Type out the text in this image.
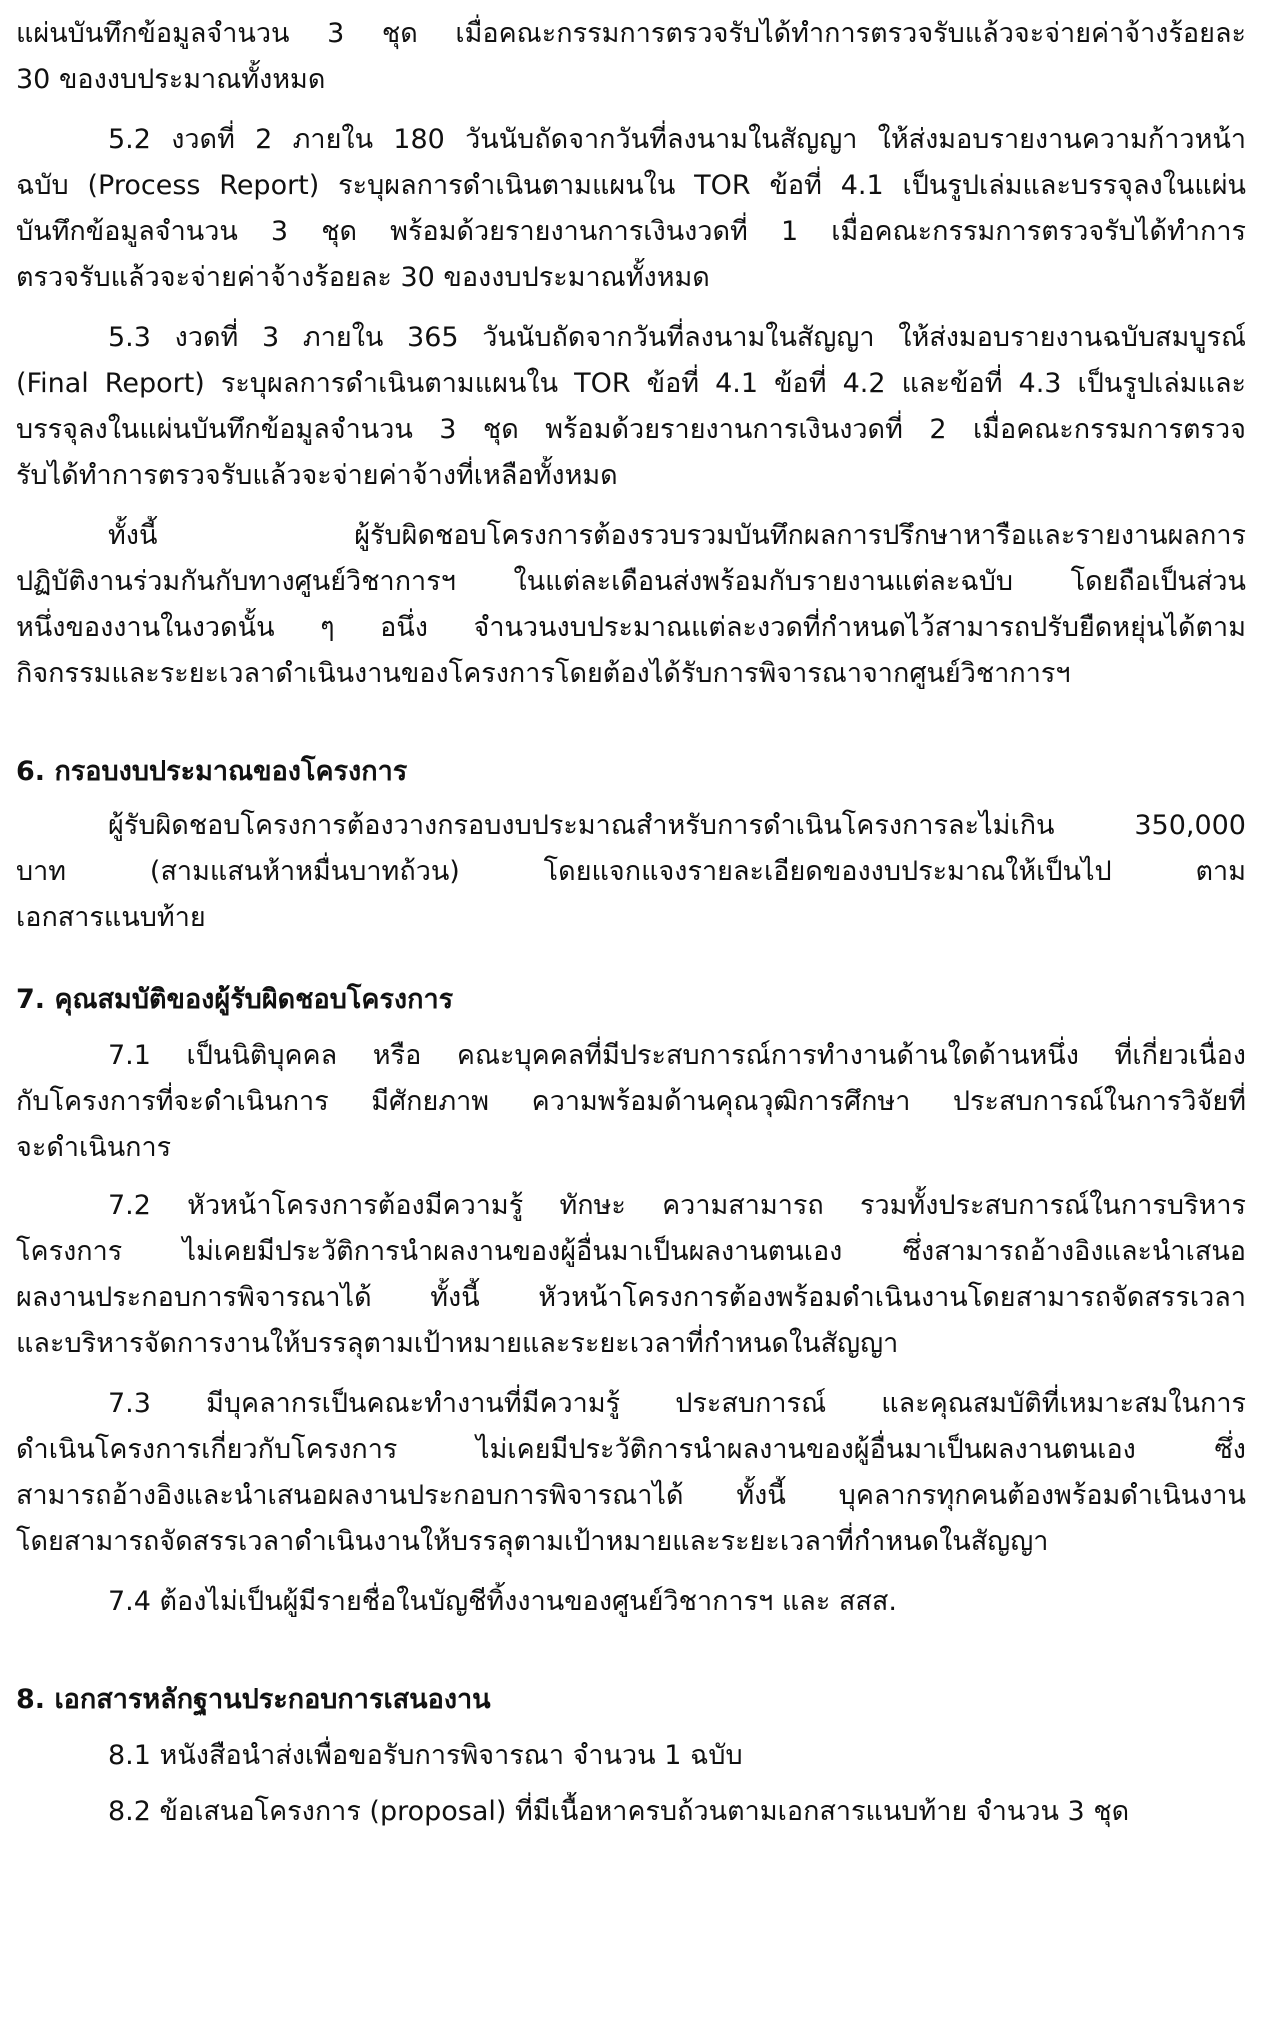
แผ่นบันทึกข้อมูลจำนวน 3 ชุด เมื่อคณะกรรมการตรวจรับได้ทำการตรวจรับแล้วจะจ่ายค่าจ้างร้อยละ
30 ของงบประมาณทั้งหมด
5.2 งวดที่ 2 ภายใน 180 วันนับถัดจากวันที่ลงนามในสัญญา ให้ส่งมอบรายงานความก้าวหน้า
ฉบับ (Process Report) ระบุผลการดำเนินตามแผนใน TOR ข้อที่ 4.1 เป็นรูปเล่มและบรรจุลงในแผ่น
บันทึกข้อมูลจำนวน 3 ชุด พร้อมด้วยรายงานการเงินงวดที่ 1 เมื่อคณะกรรมการตรวจรับได้ทำการ
ตรวจรับแล้วจะจ่ายค่าจ้างร้อยละ 30 ของงบประมาณทั้งหมด
5.3 งวดที่ 3 ภายใน 365 วันนับถัดจากวันที่ลงนามในสัญญา ให้ส่งมอบรายงานฉบับสมบูรณ์
(Final Report) ระบุผลการดำเนินตามแผนใน TOR ข้อที่ 4.1 ข้อที่ 4.2 และข้อที่ 4.3 เป็นรูปเล่มและ
บรรจุลงในแผ่นบันทึกข้อมูลจำนวน 3 ชุด พร้อมด้วยรายงานการเงินงวดที่ 2 เมื่อคณะกรรมการตรวจ
รับได้ทำการตรวจรับแล้วจะจ่ายค่าจ้างที่เหลือทั้งหมด
ทั้งนี้ ผู้รับผิดชอบโครงการต้องรวบรวมบันทึกผลการปรึกษาหารือและรายงานผลการ
ปฏิบัติงานร่วมกันกับทางศูนย์วิชาการฯ ในแต่ละเดือนส่งพร้อมกับรายงานแต่ละฉบับ โดยถือเป็นส่วน
หนึ่งของงานในงวดนั้น ๆ อนึ่ง จำนวนงบประมาณแต่ละงวดที่กำหนดไว้สามารถปรับยืดหยุ่นได้ตาม
กิจกรรมและระยะเวลาดำเนินงานของโครงการโดยต้องได้รับการพิจารณาจากศูนย์วิชาการฯ
6. กรอบงบประมาณของโครงการ
ผู้รับผิดชอบโครงการต้องวางกรอบงบประมาณสำหรับการดำเนินโครงการละไม่เกิน 350,000
บาท (สามแสนห้าหมื่นบาทถ้วน) โดยแจกแจงรายละเอียดของงบประมาณให้เป็นไป ตาม
เอกสารแนบท้าย
7. คุณสมบัติของผู้รับผิดชอบโครงการ
7.1 เป็นนิติบุคคล หรือ คณะบุคคลที่มีประสบการณ์การทำงานด้านใดด้านหนึ่ง ที่เกี่ยวเนื่อง
กับโครงการที่จะดำเนินการ มีศักยภาพ ความพร้อมด้านคุณวุฒิการศึกษา ประสบการณ์ในการวิจัยที่
จะดำเนินการ
7.2 หัวหน้าโครงการต้องมีความรู้ ทักษะ ความสามารถ รวมทั้งประสบการณ์ในการบริหาร
โครงการ ไม่เคยมีประวัติการนำผลงานของผู้อื่นมาเป็นผลงานตนเอง ซึ่งสามารถอ้างอิงและนำเสนอ
ผลงานประกอบการพิจารณาได้ ทั้งนี้ หัวหน้าโครงการต้องพร้อมดำเนินงานโดยสามารถจัดสรรเวลา
และบริหารจัดการงานให้บรรลุตามเป้าหมายและระยะเวลาที่กำหนดในสัญญา
7.3 มีบุคลากรเป็นคณะทำงานที่มีความรู้ ประสบการณ์ และคุณสมบัติที่เหมาะสมในการ
ดำเนินโครงการเกี่ยวกับโครงการ ไม่เคยมีประวัติการนำผลงานของผู้อื่นมาเป็นผลงานตนเอง ซึ่ง
สามารถอ้างอิงและนำเสนอผลงานประกอบการพิจารณาได้ ทั้งนี้ บุคลากรทุกคนต้องพร้อมดำเนินงาน
โดยสามารถจัดสรรเวลาดำเนินงานให้บรรลุตามเป้าหมายและระยะเวลาที่กำหนดในสัญญา
7.4 ต้องไม่เป็นผู้มีรายชื่อในบัญชีทิ้งงานของศูนย์วิชาการฯ และ สสส.
8. เอกสารหลักฐานประกอบการเสนองาน
8.1 หนังสือนำส่งเพื่อขอรับการพิจารณา จำนวน 1 ฉบับ
8.2 ข้อเสนอโครงการ (proposal) ที่มีเนื้อหาครบถ้วนตามเอกสารแนบท้าย จำนวน 3 ชุด
